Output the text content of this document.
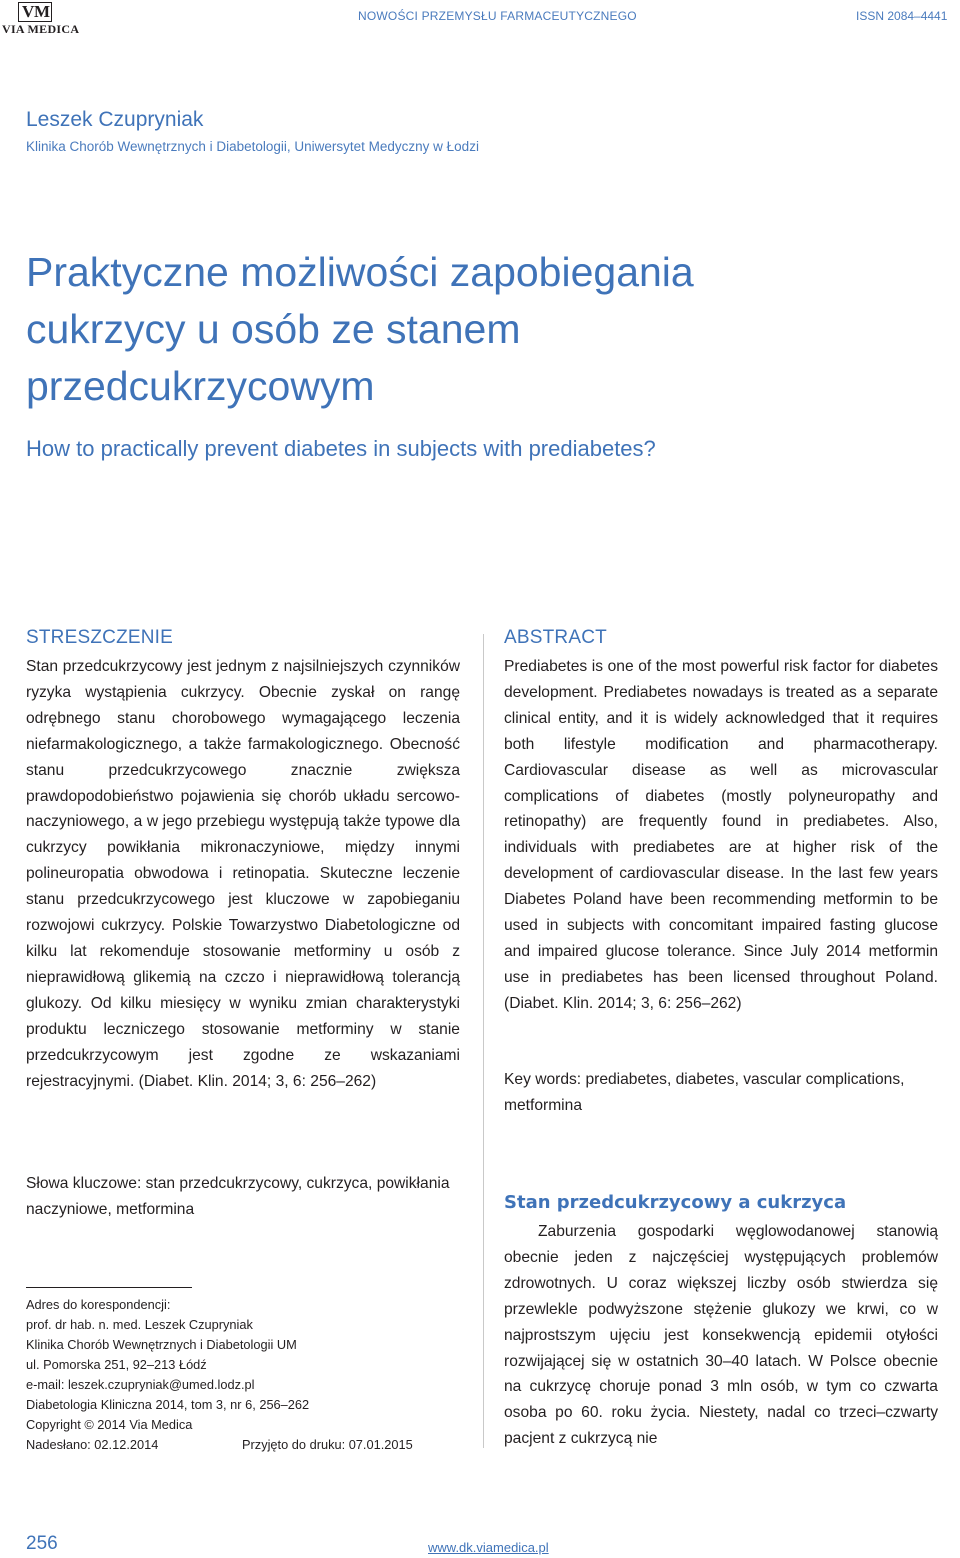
V M
VIA MEDICA
NOWOŚCI PRZEMYSŁU FARMACEUTYCZNEGO	ISSN 2084–4441
Leszek Czupryniak
Klinika Chorób Wewnętrznych i Diabetologii, Uniwersytet Medyczny w Łodzi
Praktyczne możliwości zapobiegania
cukrzycy u osób ze stanem
przedcukrzycowym
How to practically prevent diabetes in subjects with prediabetes?
STRESZCZENIE
Stan przedcukrzycowy jest jednym z najsilniejszych czynników ryzyka wystąpienia cukrzycy. Obecnie zyskał on rangę odrębnego stanu chorobowego wymagającego leczenia niefarmakologicznego, a także farmakologicznego. Obecność stanu przedcukrzycowego znacznie zwiększa prawdopodobieństwo pojawienia się chorób układu sercowo-naczyniowego, a w jego przebiegu występują także typowe dla cukrzycy powikłania mikronaczyniowe, między innymi polineuropatia obwodowa i retinopatia. Skuteczne leczenie stanu przedcukrzycowego jest kluczowe w zapobieganiu rozwojowi cukrzycy. Polskie Towarzystwo Diabetologiczne od kilku lat rekomenduje stosowanie metforminy u osób z nieprawidłową glikemią na czczo i nieprawidłową tolerancją glukozy. Od kilku miesięcy w wyniku zmian charakterystyki produktu leczniczego stosowanie metforminy w stanie przedcukrzycowym jest zgodne ze wskazaniami rejestracyjnymi. (Diabet. Klin. 2014; 3, 6: 256–262)
Słowa kluczowe: stan przedcukrzycowy, cukrzyca, powikłania naczyniowe, metformina
ABSTRACT
Prediabetes is one of the most powerful risk factor for diabetes development. Prediabetes nowadays is treated as a separate clinical entity, and it is widely acknowledged that it requires both lifestyle modification and pharmacotherapy. Cardiovascular disease as well as microvascular complications of diabetes (mostly polyneuropathy and retinopathy) are frequently found in prediabetes. Also, individuals with prediabetes are at higher risk of the development of cardiovascular disease. In the last few years Diabetes Poland have been recommending metformin to be used in subjects with concomitant impaired fasting glucose and impaired glucose tolerance. Since July 2014 metformin use in prediabetes has been licensed throughout Poland. (Diabet. Klin. 2014; 3, 6: 256–262)
Key words: prediabetes, diabetes, vascular complications, metformina
Adres do korespondencji:
prof. dr hab. n. med. Leszek Czupryniak
Klinika Chorób Wewnętrznych i Diabetologii UM
ul. Pomorska 251, 92–213 Łódź
e-mail: leszek.czupryniak@umed.lodz.pl
Diabetologia Kliniczna 2014, tom 3, nr 6, 256–262
Copyright © 2014 Via Medica
Nadesłano: 02.12.2014	Przyjęto do druku: 07.01.2015
Stan przedcukrzycowy a cukrzyca

Zaburzenia gospodarki węglowodanowej stanowią obecnie jeden z najczęściej występujących problemów zdrowotnych. U coraz większej liczby osób stwierdza się przewlekle podwyższone stężenie glukozy we krwi, co w najprostszym ujęciu jest konsekwencją epidemii otyłości rozwijającej się w ostatnich 30–40 latach. W Polsce obecnie na cukrzycę choruje ponad 3 mln osób, w tym co czwarta osoba po 60. roku życia. Niestety, nadal co trzeci–czwarty pacjent z cukrzycą nie

256	www.dk.viamedica.pl
